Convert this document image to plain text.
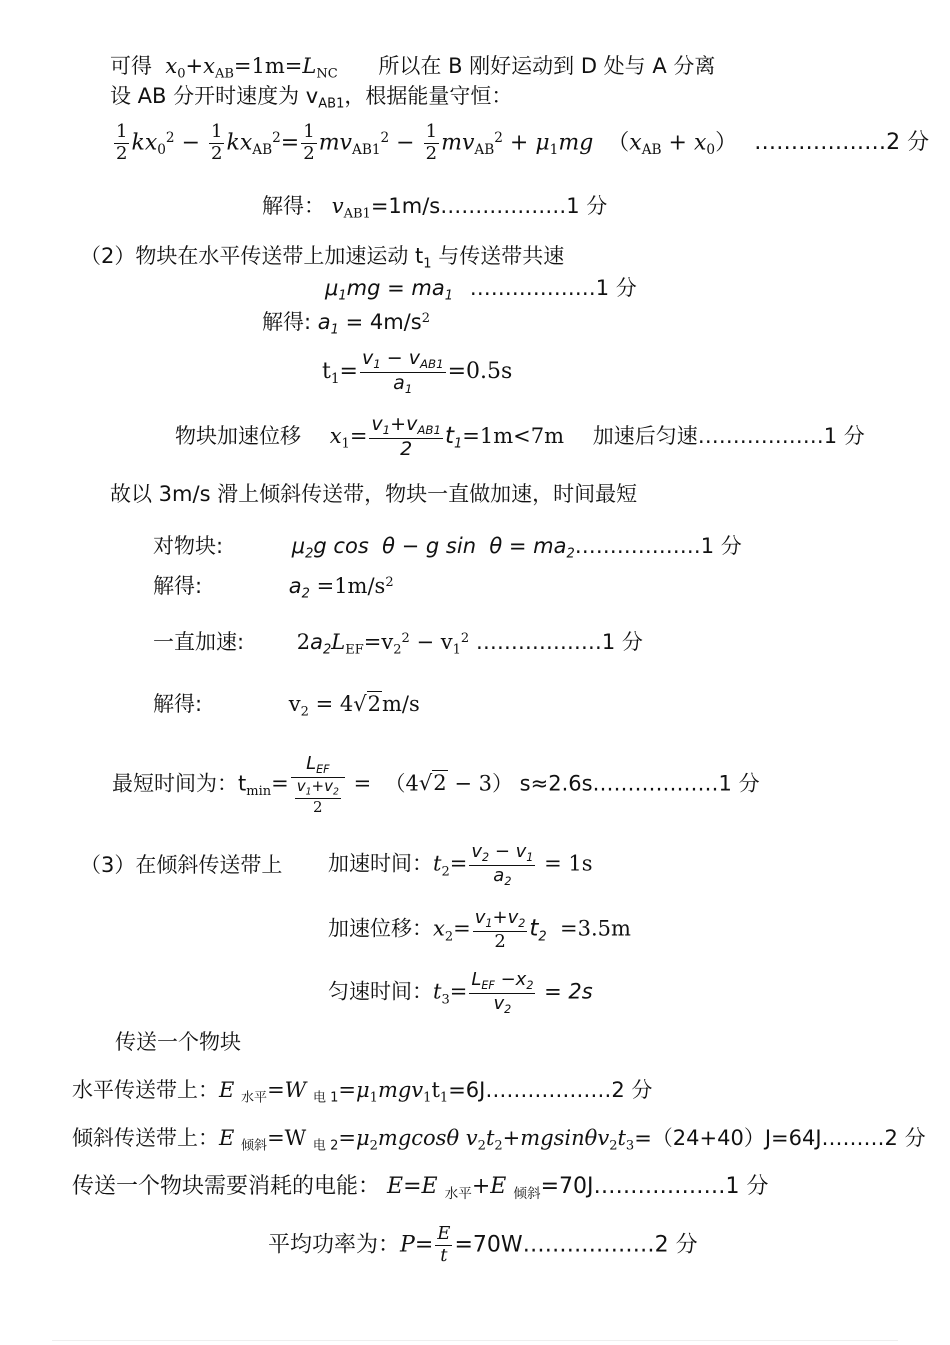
可得 $x_0+x_{AB}=1m=L_{NC}$ 所以在 B 刚好运动到 D 处与 A 分离
设 AB 分开时速度为 $v_{AB1}$，根据能量守恒：
$\frac{1}{2} kx_0^2 - \frac{1}{2} kx_{AB}^2= \frac{1}{2} mv_{AB1}^2 - \frac{1}{2} mv_{AB}^2 + \mu_1mg$  $(x_{AB} + x_0)$ ………………2 分
解得： $v_{AB1}=1m/s\dots\dots\dots\dots\dots\dots 1$ 分
（2）物块在水平传送带上加速运动 $t_1$ 与传送带共速
$\mu_1mg = ma_1$ ………………1 分
解得: $a_1 = 4m/s^2$
$t_1= \frac{v_1 - v_{AB1}}{a_1} =0.5s$
物块加速位移 $x_1= \frac{v_1+v_{AB1}}{2} t_1=1m<7m$ 加速后匀速………………1 分
故以 3m/s 滑上倾斜传送带，物块一直做加速，时间最短
对物块:	$\mu_2g$ cos  θ − g $\sin \theta = ma_2\dots\dots\dots\dots\dots\dots 1$ 分
解得:	$a_2 =1m/s^2$
一直加速:	$2a_2L_{EF}=v_2^2 - v_1^2$ ………………1 分
解得:	$v_2 = 4√2m/s$
最短时间为：$t_{min}= \frac{L_{EF}}{\frac{v_1+v_2}{2}} = (4√2 - 3)$ s≈2.6s………………1 分
（3）在倾斜传送带上 加速时间：$t_2= \frac{v_2 - v_1}{a_2} = 1s$
加速位移：$x_2= \frac{v_1+v_2}{2} t_2 =3.5m$
匀速时间：$t_3= \frac{L_{EF} -x_2}{v_2} = 2s$
传送一个物块
水平传送带上：E $_{水平}$=W $_{电 1}=\mu_1mgv_1t_1=6J\dots\dots\dots\dots\dots\dots 2$ 分
倾斜传送带上：E $_{倾斜}$=W $_{电 2}=\mu_2mgcos\theta$ $v_2t_2+mgsin\theta v_2t_3=(24+40)J=64J\dots\dots\dots 2$ 分
传送一个物块需要消耗的电能： E=E $_{水平}$+E $_{倾斜}$=70J………………1 分
平均功率为：$P= \frac{E}{t}$ =70W………………2 分
